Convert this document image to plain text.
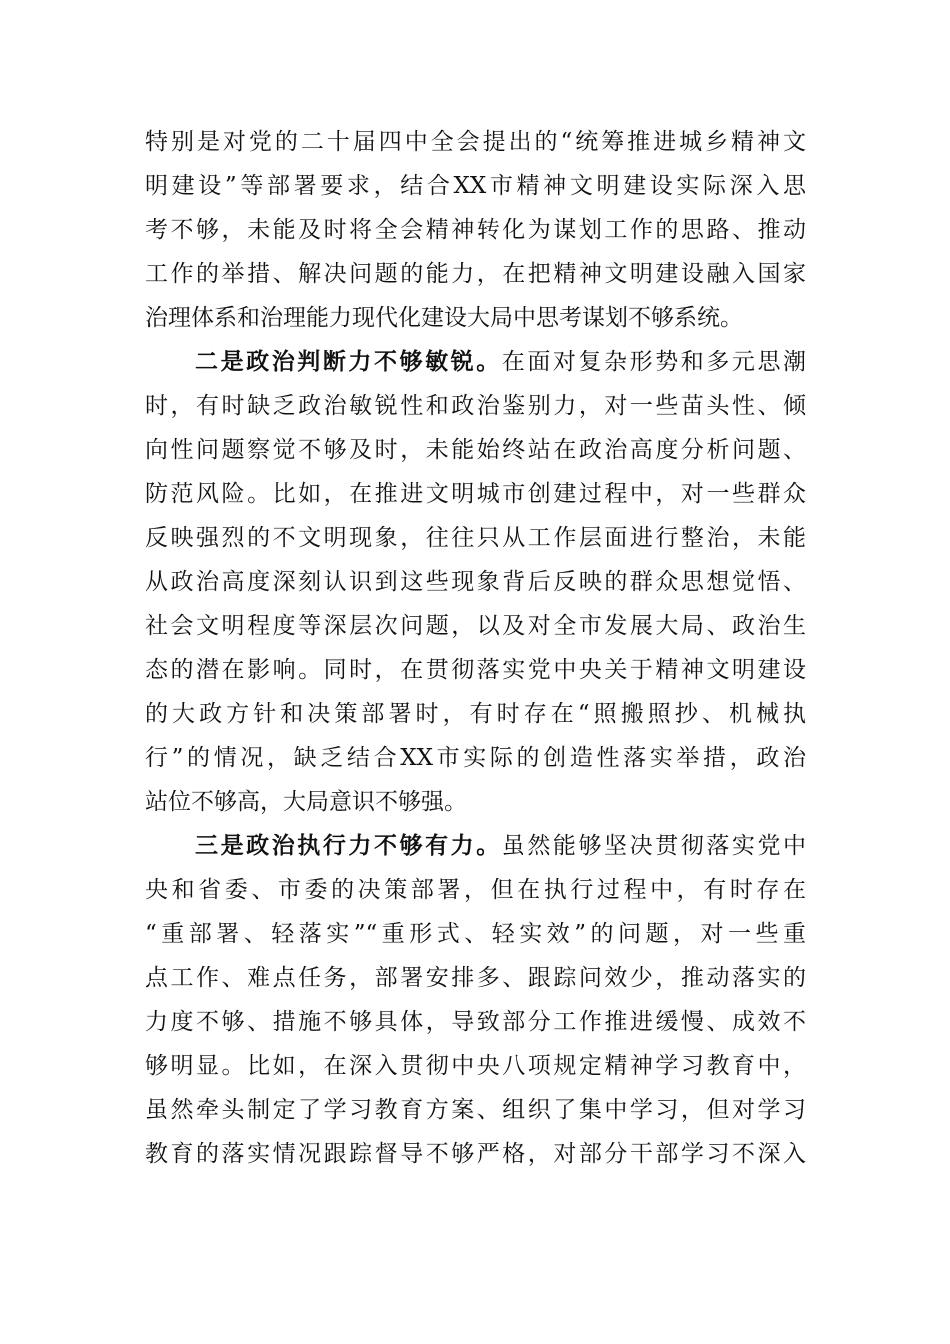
特别是对党的二十届四中全会提出的“统筹推进城乡精神文
明建设”等部署要求，结合XX市精神文明建设实际深入思
考不够，未能及时将全会精神转化为谋划工作的思路、推动
工作的举措、解决问题的能力，在把精神文明建设融入国家
治理体系和治理能力现代化建设大局中思考谋划不够系统。
二是政治判断力不够敏锐。在面对复杂形势和多元思潮
时，有时缺乏政治敏锐性和政治鉴别力，对一些苗头性、倾
向性问题察觉不够及时，未能始终站在政治高度分析问题、
防范风险。比如，在推进文明城市创建过程中，对一些群众
反映强烈的不文明现象，往往只从工作层面进行整治，未能
从政治高度深刻认识到这些现象背后反映的群众思想觉悟、
社会文明程度等深层次问题，以及对全市发展大局、政治生
态的潜在影响。同时，在贯彻落实党中央关于精神文明建设
的大政方针和决策部署时，有时存在“照搬照抄、机械执
行”的情况，缺乏结合XX市实际的创造性落实举措，政治
站位不够高，大局意识不够强。
三是政治执行力不够有力。虽然能够坚决贯彻落实党中
央和省委、市委的决策部署，但在执行过程中，有时存在
“重部署、轻落实”“重形式、轻实效”的问题，对一些重
点工作、难点任务，部署安排多、跟踪问效少，推动落实的
力度不够、措施不够具体，导致部分工作推进缓慢、成效不
够明显。比如，在深入贯彻中央八项规定精神学习教育中，
虽然牵头制定了学习教育方案、组织了集中学习，但对学习
教育的落实情况跟踪督导不够严格，对部分干部学习不深入
